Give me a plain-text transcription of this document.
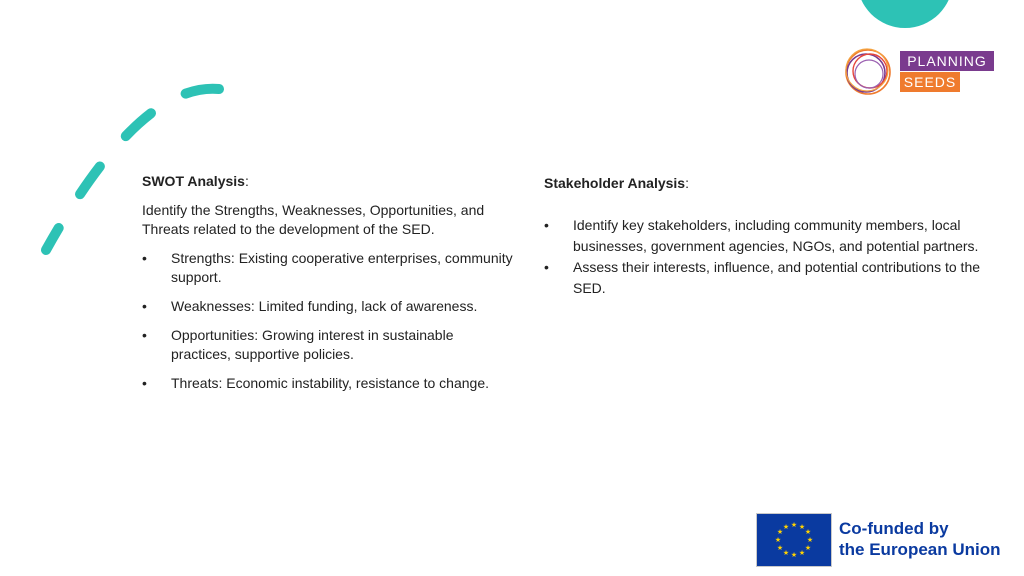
PLANNING
SEEDS

SWOT Analysis:

Identify the Strengths, Weaknesses, Opportunities, and Threats related to the development of the SED.

• Strengths: Existing cooperative enterprises, community support.
• Weaknesses: Limited funding, lack of awareness.
• Opportunities: Growing interest in sustainable practices, supportive policies.
• Threats: Economic instability, resistance to change.

Stakeholder Analysis:

• Identify key stakeholders, including community members, local businesses, government agencies, NGOs, and potential partners.
• Assess their interests, influence, and potential contributions to the SED.
★ ★
★
★
★
★
★
★
★
★
★
★	Co-funded by
the European Union
